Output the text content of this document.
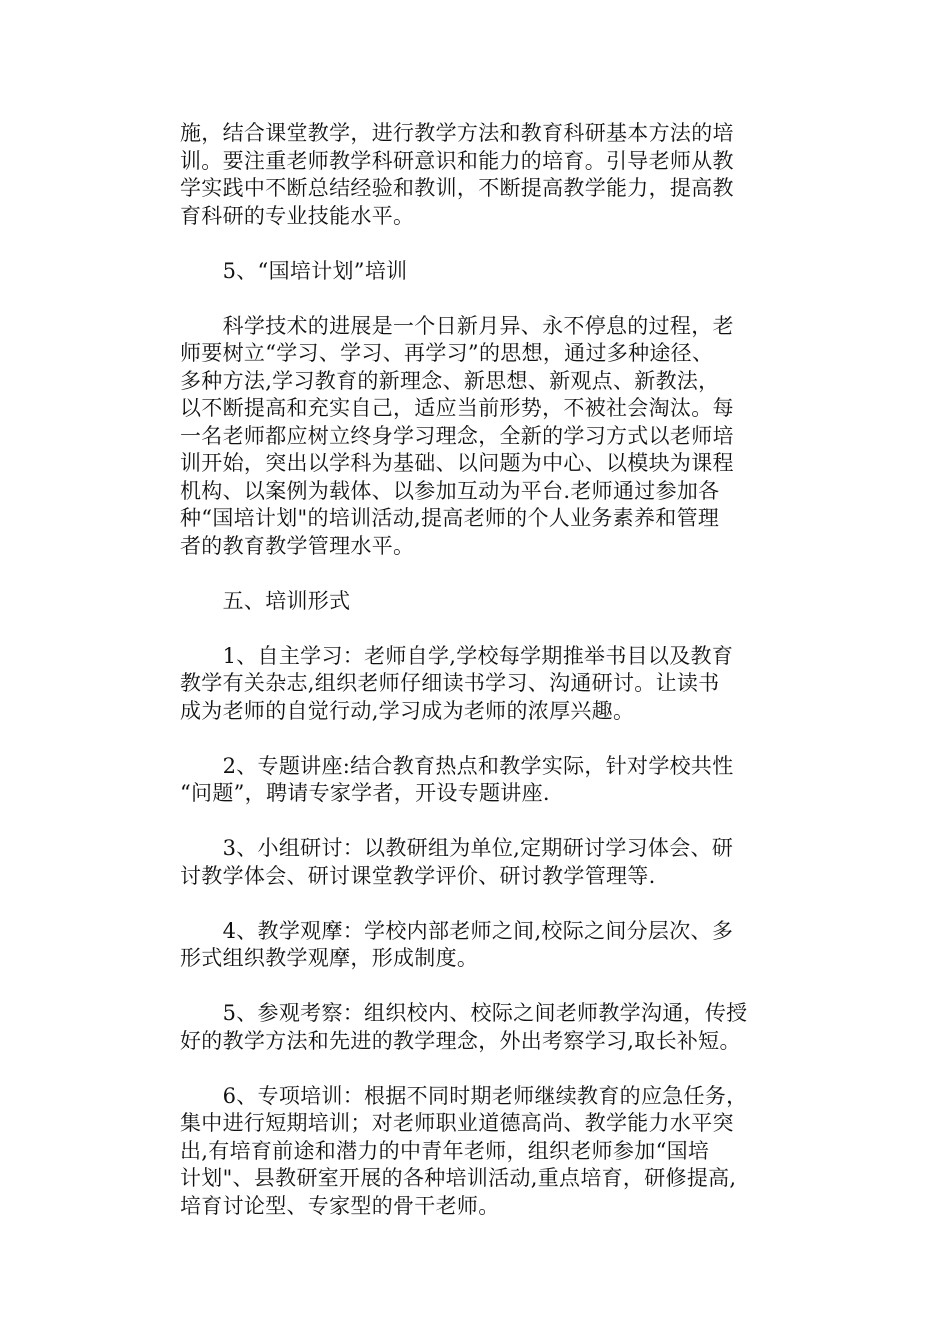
施，结合课堂教学，进行教学方法和教育科研基本方法的培
训。要注重老师教学科研意识和能力的培育。引导老师从教
学实践中不断总结经验和教训，不断提高教学能力，提高教
育科研的专业技能水平。

　　5、“国培计划”培训

　　科学技术的进展是一个日新月异、永不停息的过程，老
师要树立“学习、学习、再学习”的思想，通过多种途径、
多种方法,学习教育的新理念、新思想、新观点、新教法，
以不断提高和充实自己，适应当前形势，不被社会淘汰。每
一名老师都应树立终身学习理念，全新的学习方式以老师培
训开始，突出以学科为基础、以问题为中心、以模块为课程
机构、以案例为载体、以参加互动为平台.老师通过参加各
种“国培计划"的培训活动,提高老师的个人业务素养和管理
者的教育教学管理水平。

　　五、培训形式

　　1、自主学习：老师自学,学校每学期推举书目以及教育
教学有关杂志,组织老师仔细读书学习、沟通研讨。让读书
成为老师的自觉行动,学习成为老师的浓厚兴趣。

　　2、专题讲座:结合教育热点和教学实际，针对学校共性
“问题”，聘请专家学者，开设专题讲座.

　　3、小组研讨：以教研组为单位,定期研讨学习体会、研
讨教学体会、研讨课堂教学评价、研讨教学管理等.

　　4、教学观摩：学校内部老师之间,校际之间分层次、多
形式组织教学观摩，形成制度。

　　5、参观考察：组织校内、校际之间老师教学沟通，传授
好的教学方法和先进的教学理念，外出考察学习,取长补短。

　　6、专项培训：根据不同时期老师继续教育的应急任务，
集中进行短期培训；对老师职业道德高尚、教学能力水平突
出,有培育前途和潜力的中青年老师，组织老师参加“国培
计划"、县教研室开展的各种培训活动,重点培育，研修提高,
培育讨论型、专家型的骨干老师。
